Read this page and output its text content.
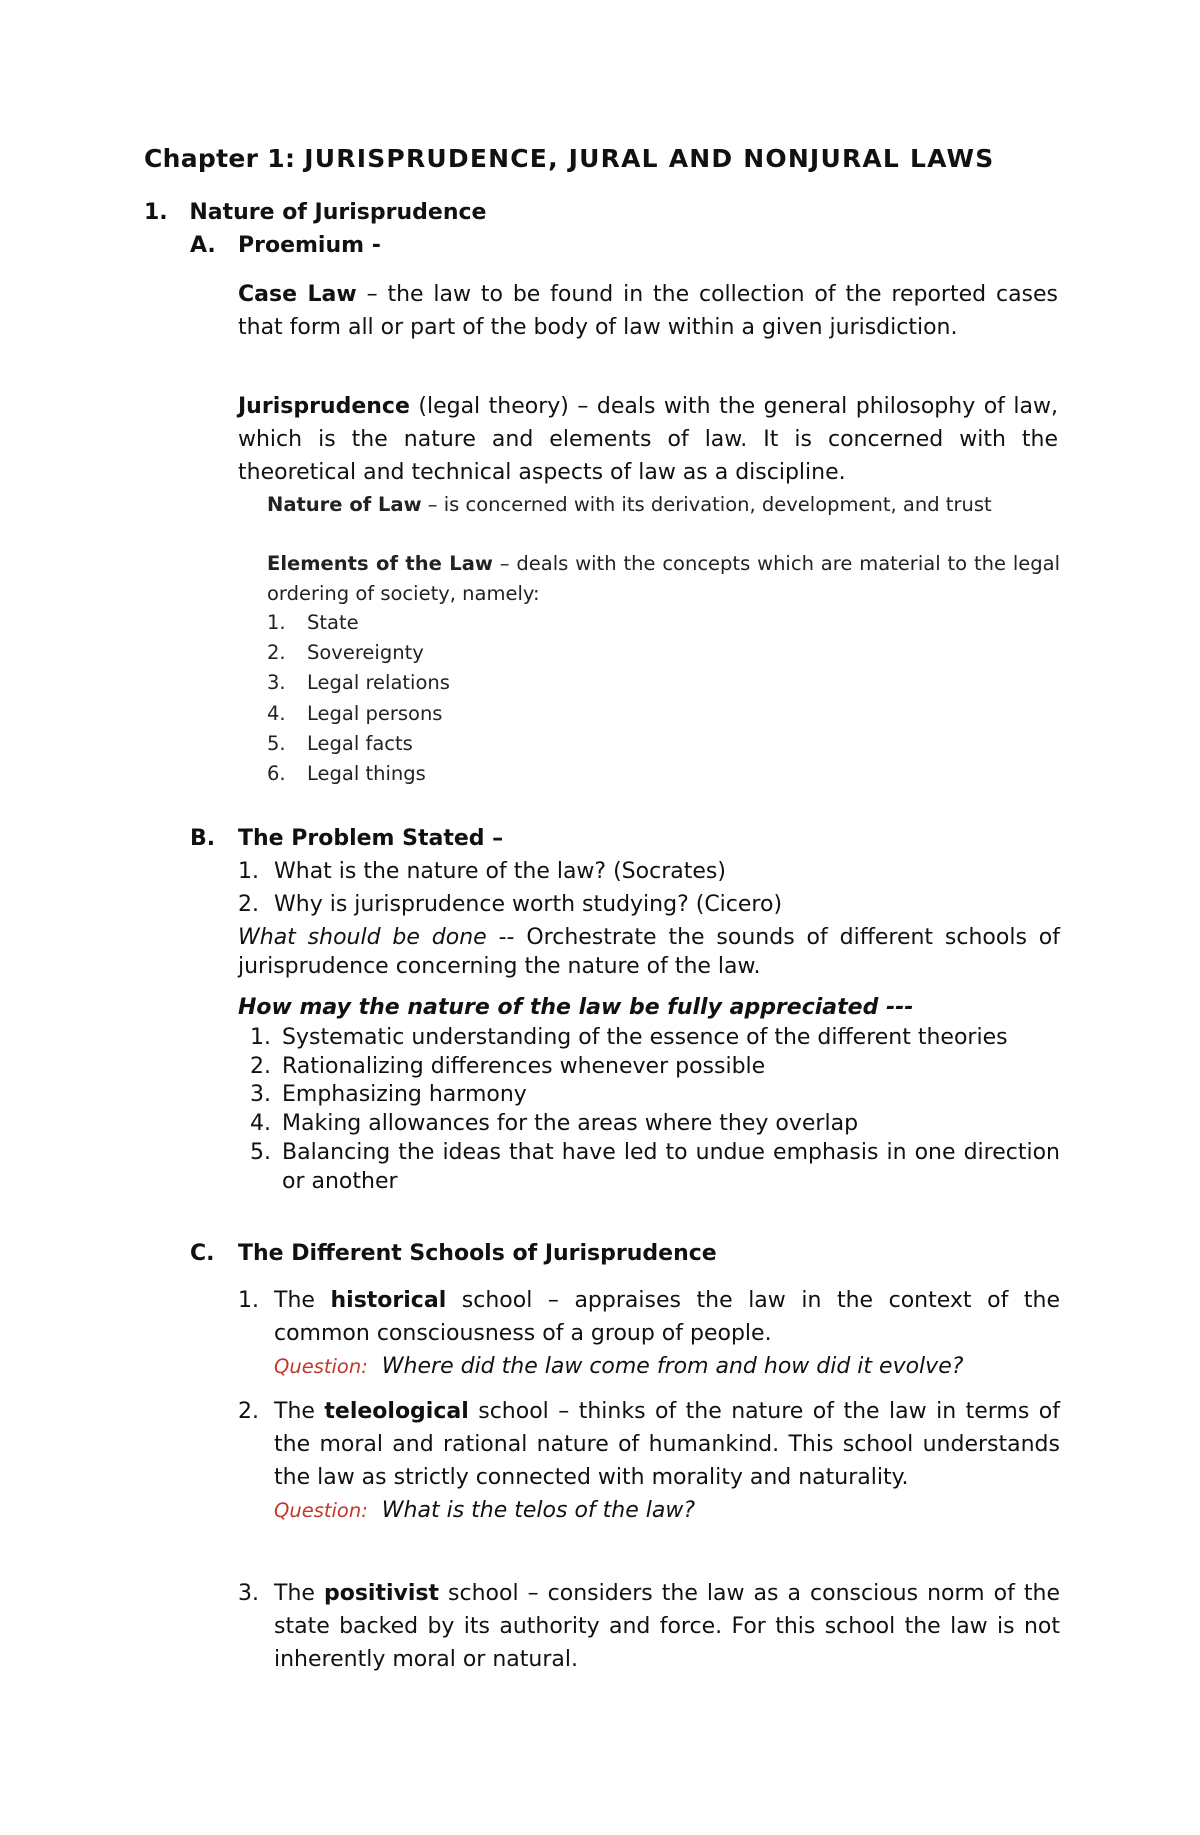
Chapter 1: JURISPRUDENCE, JURAL AND NONJURAL LAWS
1. Nature of Jurisprudence
A. Proemium -

Case Law – the law to be found in the collection of the reported cases that form all or part of the body of law within a given jurisdiction.

Jurisprudence (legal theory) – deals with the general philosophy of law, which is the nature and elements of law. It is concerned with the theoretical and technical aspects of law as a discipline.

Nature of Law – is concerned with its derivation, development, and trust

Elements of the Law – deals with the concepts which are material to the legal ordering of society, namely:

1. State
2. Sovereignty
3. Legal relations
4. Legal persons
5. Legal facts
6. Legal things
B. The Problem Stated –
1. What is the nature of the law? (Socrates)
2. Why is jurisprudence worth studying? (Cicero)

What should be done -- Orchestrate the sounds of different schools of jurisprudence concerning the nature of the law.

How may the nature of the law be fully appreciated ---
1. Systematic understanding of the essence of the different theories
2. Rationalizing differences whenever possible
3. Emphasizing harmony
4. Making allowances for the areas where they overlap
5. Balancing the ideas that have led to undue emphasis in one direction or another
C. The Different Schools of Jurisprudence
1. The historical school – appraises the law in the context of the common consciousness of a group of people.
Question: Where did the law come from and how did it evolve?
2. The teleological school – thinks of the nature of the law in terms of the moral and rational nature of humankind. This school understands the law as strictly connected with morality and naturality.
Question: What is the telos of the law?
3. The positivist school – considers the law as a conscious norm of the state backed by its authority and force. For this school the law is not inherently moral or natural.
